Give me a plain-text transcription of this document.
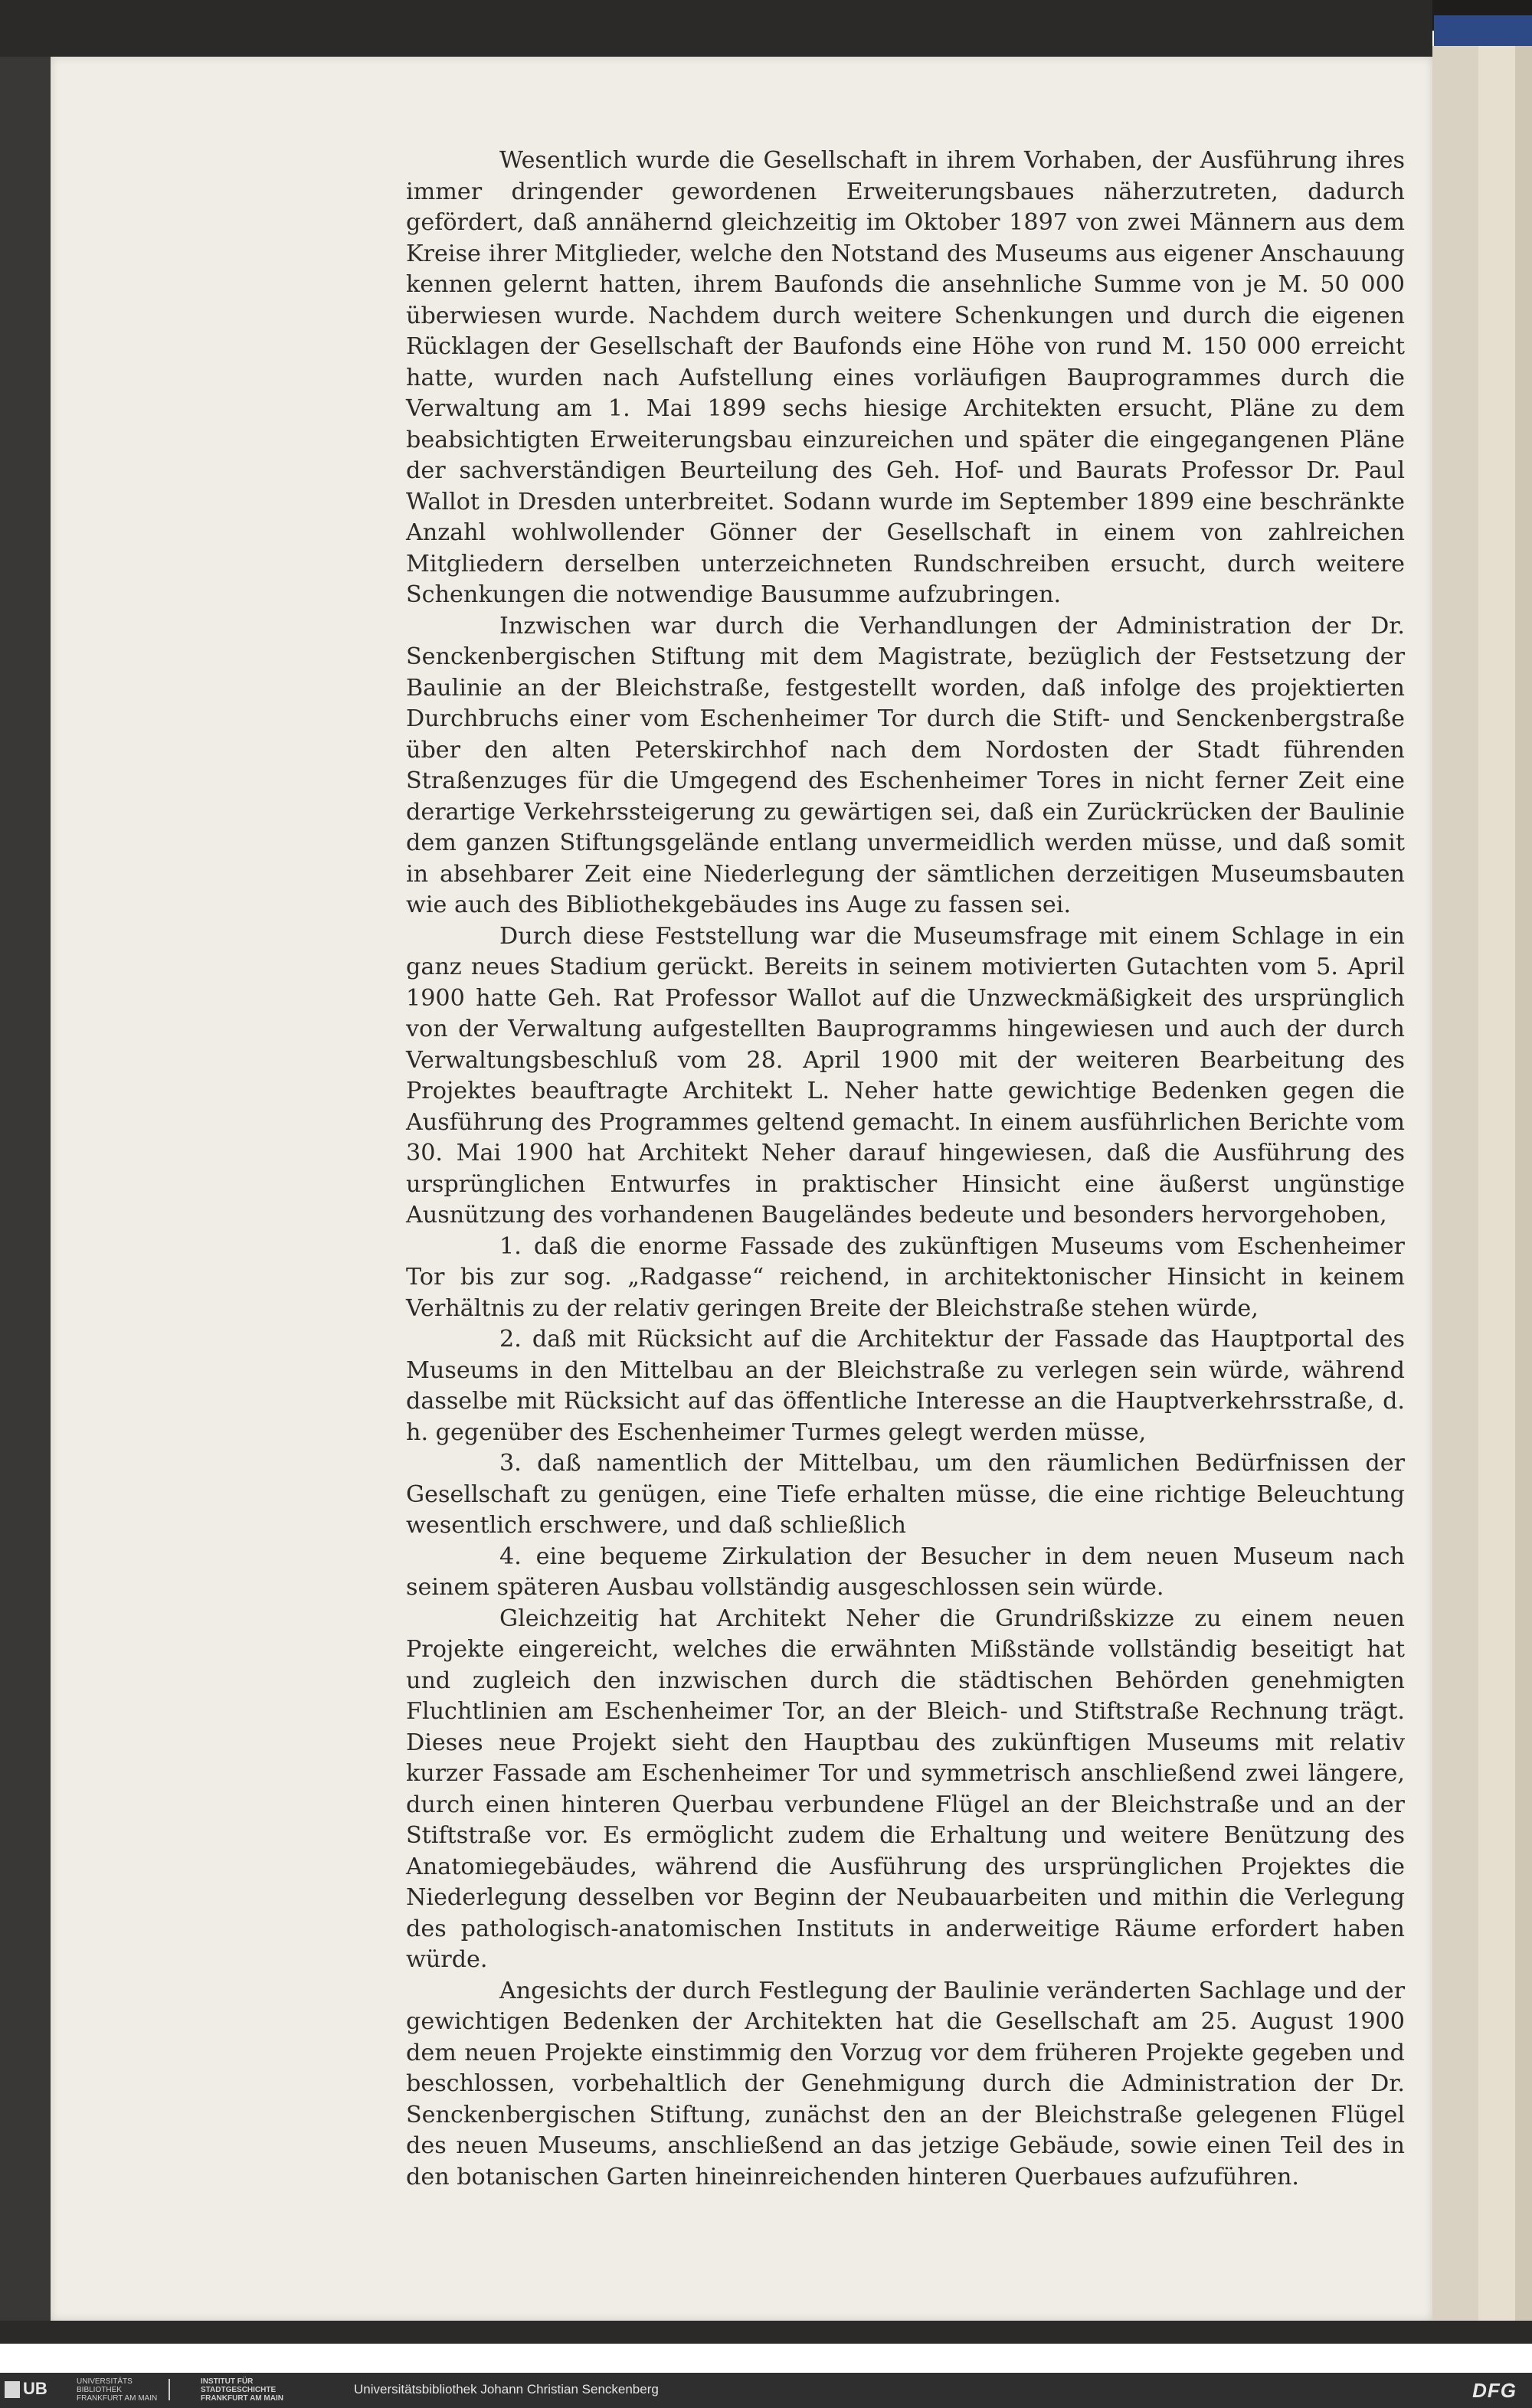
Wesentlich wurde die Gesellschaft in ihrem Vorhaben, der Ausführung ihres immer dringender gewordenen Erweiterungsbaues näherzutreten, dadurch gefördert, daß annähernd gleichzeitig im Oktober 1897 von zwei Männern aus dem Kreise ihrer Mitglieder, welche den Notstand des Museums aus eigener Anschauung kennen gelernt hatten, ihrem Baufonds die ansehnliche Summe von je M. 50 000 überwiesen wurde. Nachdem durch weitere Schenkungen und durch die eigenen Rücklagen der Gesellschaft der Baufonds eine Höhe von rund M. 150 000 erreicht hatte, wurden nach Aufstellung eines vorläufigen Bauprogrammes durch die Verwaltung am 1. Mai 1899 sechs hiesige Architekten ersucht, Pläne zu dem beabsichtigten Erweiterungsbau einzureichen und später die eingegangenen Pläne der sachverständigen Beurteilung des Geh. Hof- und Baurats Professor Dr. Paul Wallot in Dresden unterbreitet. Sodann wurde im September 1899 eine beschränkte Anzahl wohlwollender Gönner der Gesellschaft in einem von zahlreichen Mitgliedern derselben unterzeichneten Rundschreiben ersucht, durch weitere Schenkungen die notwendige Bausumme aufzubringen.

Inzwischen war durch die Verhandlungen der Administration der Dr. Senckenbergischen Stiftung mit dem Magistrate, bezüglich der Festsetzung der Baulinie an der Bleichstraße, festgestellt worden, daß infolge des projektierten Durchbruchs einer vom Eschenheimer Tor durch die Stift- und Senckenbergstraße über den alten Peterskirchhof nach dem Nordosten der Stadt führenden Straßenzuges für die Umgegend des Eschenheimer Tores in nicht ferner Zeit eine derartige Verkehrssteigerung zu gewärtigen sei, daß ein Zurückrücken der Baulinie dem ganzen Stiftungsgelände entlang unvermeidlich werden müsse, und daß somit in absehbarer Zeit eine Niederlegung der sämtlichen derzeitigen Museumsbauten wie auch des Bibliothekgebäudes ins Auge zu fassen sei.

Durch diese Feststellung war die Museumsfrage mit einem Schlage in ein ganz neues Stadium gerückt. Bereits in seinem motivierten Gutachten vom 5. April 1900 hatte Geh. Rat Professor Wallot auf die Unzweckmäßigkeit des ursprünglich von der Verwaltung aufgestellten Bauprogramms hingewiesen und auch der durch Verwaltungsbeschluß vom 28. April 1900 mit der weiteren Bearbeitung des Projektes beauftragte Architekt L. Neher hatte gewichtige Bedenken gegen die Ausführung des Programmes geltend gemacht. In einem ausführlichen Berichte vom 30. Mai 1900 hat Architekt Neher darauf hingewiesen, daß die Ausführung des ursprünglichen Entwurfes in praktischer Hinsicht eine äußerst ungünstige Ausnützung des vorhandenen Baugeländes bedeute und besonders hervorgehoben,

1. daß die enorme Fassade des zukünftigen Museums vom Eschenheimer Tor bis zur sog. „Radgasse“ reichend, in architektonischer Hinsicht in keinem Verhältnis zu der relativ geringen Breite der Bleichstraße stehen würde,

2. daß mit Rücksicht auf die Architektur der Fassade das Hauptportal des Museums in den Mittelbau an der Bleichstraße zu verlegen sein würde, während dasselbe mit Rücksicht auf das öffentliche Interesse an die Hauptverkehrsstraße, d. h. gegenüber des Eschenheimer Turmes gelegt werden müsse,

3. daß namentlich der Mittelbau, um den räumlichen Bedürfnissen der Gesellschaft zu genügen, eine Tiefe erhalten müsse, die eine richtige Beleuchtung wesentlich erschwere, und daß schließlich

4. eine bequeme Zirkulation der Besucher in dem neuen Museum nach seinem späteren Ausbau vollständig ausgeschlossen sein würde.

Gleichzeitig hat Architekt Neher die Grundrißskizze zu einem neuen Projekte eingereicht, welches die erwähnten Mißstände vollständig beseitigt hat und zugleich den inzwischen durch die städtischen Behörden genehmigten Fluchtlinien am Eschenheimer Tor, an der Bleich- und Stiftstraße Rechnung trägt. Dieses neue Projekt sieht den Hauptbau des zukünftigen Museums mit relativ kurzer Fassade am Eschenheimer Tor und symmetrisch anschließend zwei längere, durch einen hinteren Querbau verbundene Flügel an der Bleichstraße und an der Stiftstraße vor. Es ermöglicht zudem die Erhaltung und weitere Benützung des Anatomiegebäudes, während die Ausführung des ursprünglichen Projektes die Niederlegung desselben vor Beginn der Neubauarbeiten und mithin die Verlegung des pathologisch-anatomischen Instituts in anderweitige Räume erfordert haben würde.

Angesichts der durch Festlegung der Baulinie veränderten Sachlage und der gewichtigen Bedenken der Architekten hat die Gesellschaft am 25. August 1900 dem neuen Projekte einstimmig den Vorzug vor dem früheren Projekte gegeben und beschlossen, vorbehaltlich der Genehmigung durch die Administration der Dr. Senckenbergischen Stiftung, zunächst den an der Bleichstraße gelegenen Flügel des neuen Museums, anschließend an das jetzige Gebäude, sowie einen Teil des in den botanischen Garten hineinreichenden hinteren Querbaues aufzuführen.

UB	UNIVERSITÄTS BIBLIOTHEK FRANKFURT AM MAIN
INSTITUT FÜR STADTGESCHICHTE FRANKFURT AM MAIN
Universitätsbibliothek Johann Christian Senckenberg	DFG
